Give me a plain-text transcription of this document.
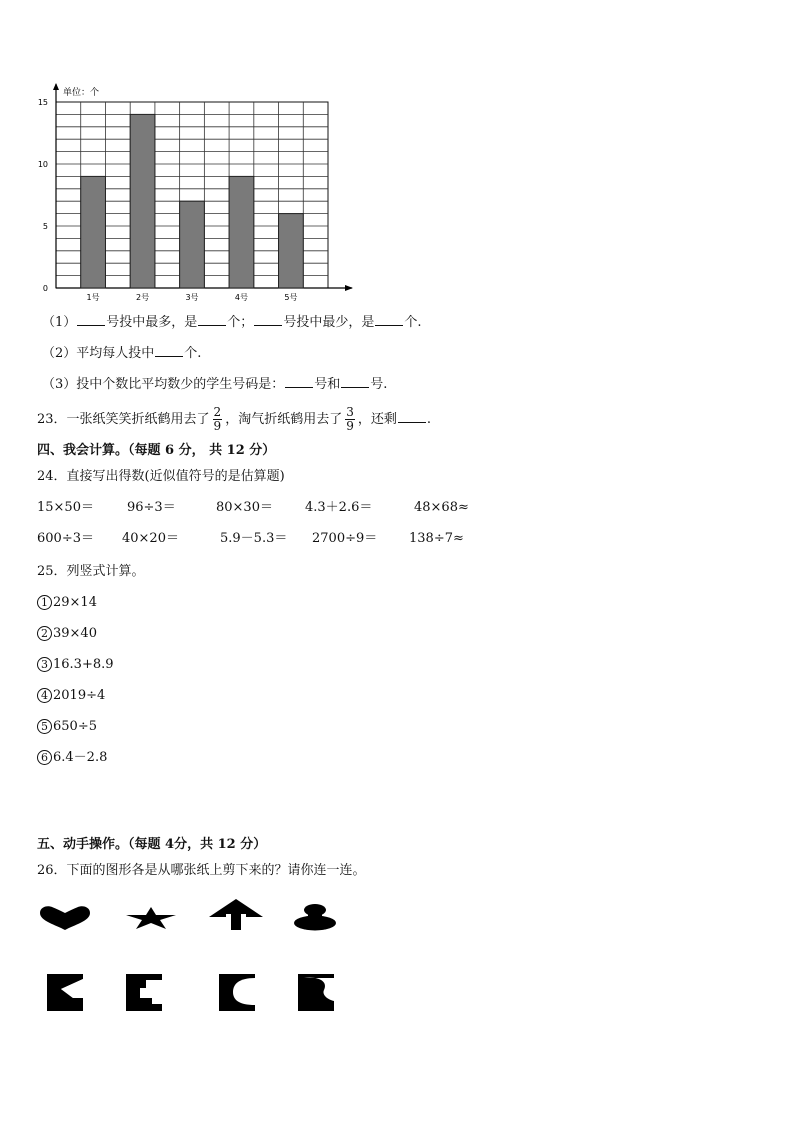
0
5
10
15
1号	2号	3号	4号	5号
单位：个
（1） 号投中最多，是 个； 号投中最少，是 个.
（2）平均每人投中 个.
（3）投中个数比平均数少的学生号码是： 号和 号.
23．一张纸笑笑折纸鹤用去了 $\frac{2}{9}$ ，淘气折纸鹤用去了 $\frac{3}{9}$ ，还剩 .
四、我会计算。（每题 6 分， 共 12 分）
24．直接写出得数(近似值符号的是估算题)
15×50＝	96÷3＝	80×30＝ 4.3＋2.6＝	48×68≈
600÷3＝ 40×20＝	5.9－5.3＝ 2700÷9＝ 138÷7≈
25．列竖式计算。
1 29×14
2 39×40
3 16.3+8.9
4 2019÷4
5 650÷5
6 6.4－2.8
五、动手操作。（每题 4分，共 12 分）
26．下面的图形各是从哪张纸上剪下来的？请你连一连。
